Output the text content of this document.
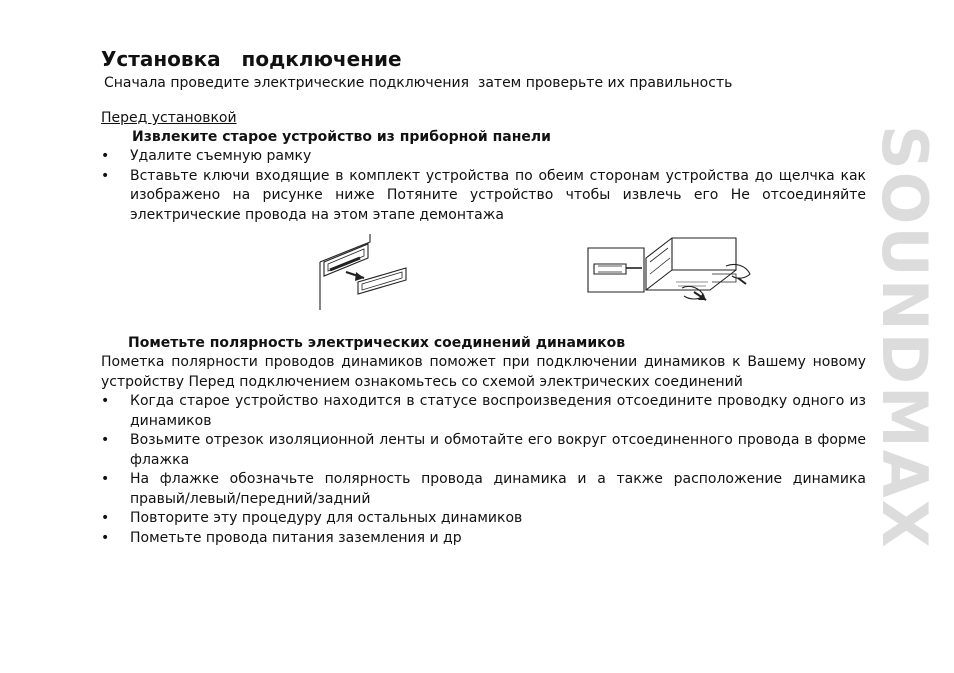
Установка   подключение
Сначала проведите электрические подключения  затем проверьте их правильность
Перед установкой
Извлеките старое устройство из приборной панели
• Удалите съемную рамку
• Вставьте ключи входящие в комплект устройства по обеим сторонам устройства до щелчка как изображено на рисунке ниже Потяните устройство чтобы извлечь его Не отсоединяйте электрические провода на этом этапе демонтажа
Пометьте полярность электрических соединений динамиков
Пометка полярности проводов динамиков поможет при подключении динамиков к Вашему новому устройству Перед подключением ознакомьтесь со схемой электрических соединений
• Когда старое устройство находится в статусе воспроизведения отсоедините проводку одного из динамиков
• Возьмите отрезок изоляционной ленты и обмотайте его вокруг отсоединенного провода в форме флажка
• На флажке обозначьте полярность провода динамика и а также расположение динамика правый/левый/передний/задний
• Повторите эту процедуру для остальных динамиков
• Пометьте провода питания заземления и др	SOUNDMAX
